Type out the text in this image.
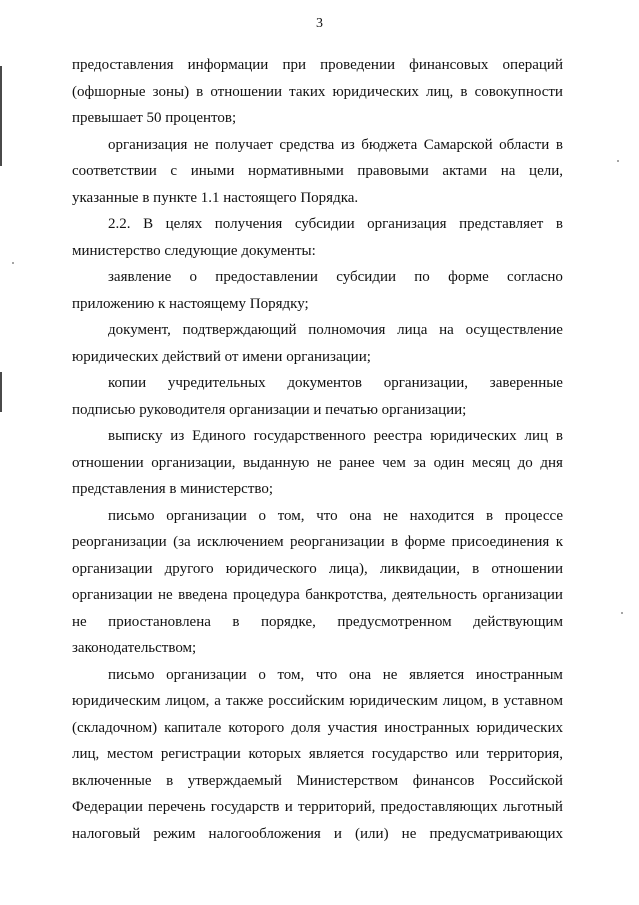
3
предоставления информации при проведении финансовых операций
(офшорные зоны) в отношении таких юридических лиц, в совокупности
превышает 50 процентов;
организация не получает средства из бюджета Самарской области в
соответствии с иными нормативными правовыми актами на цели,
указанные в пункте 1.1 настоящего Порядка.
2.2. В целях получения субсидии организация представляет в
министерство следующие документы:
заявление о предоставлении субсидии по форме согласно
приложению к настоящему Порядку;
документ, подтверждающий полномочия лица на осуществление
юридических действий от имени организации;
копии учредительных документов организации, заверенные
подписью руководителя организации и печатью организации;
выписку из Единого государственного реестра юридических лиц в
отношении организации, выданную не ранее чем за один месяц до дня
представления в министерство;
письмо организации о том, что она не находится в процессе
реорганизации (за исключением реорганизации в форме присоединения к
организации другого юридического лица), ликвидации, в отношении
организации не введена процедура банкротства, деятельность организации
не приостановлена в порядке, предусмотренном действующим
законодательством;
письмо организации о том, что она не является иностранным
юридическим лицом, а также российским юридическим лицом, в уставном
(складочном) капитале которого доля участия иностранных юридических
лиц, местом регистрации которых является государство или территория,
включенные в утверждаемый Министерством финансов Российской
Федерации перечень государств и территорий, предоставляющих льготный
налоговый режим налогообложения и (или) не предусматривающих
